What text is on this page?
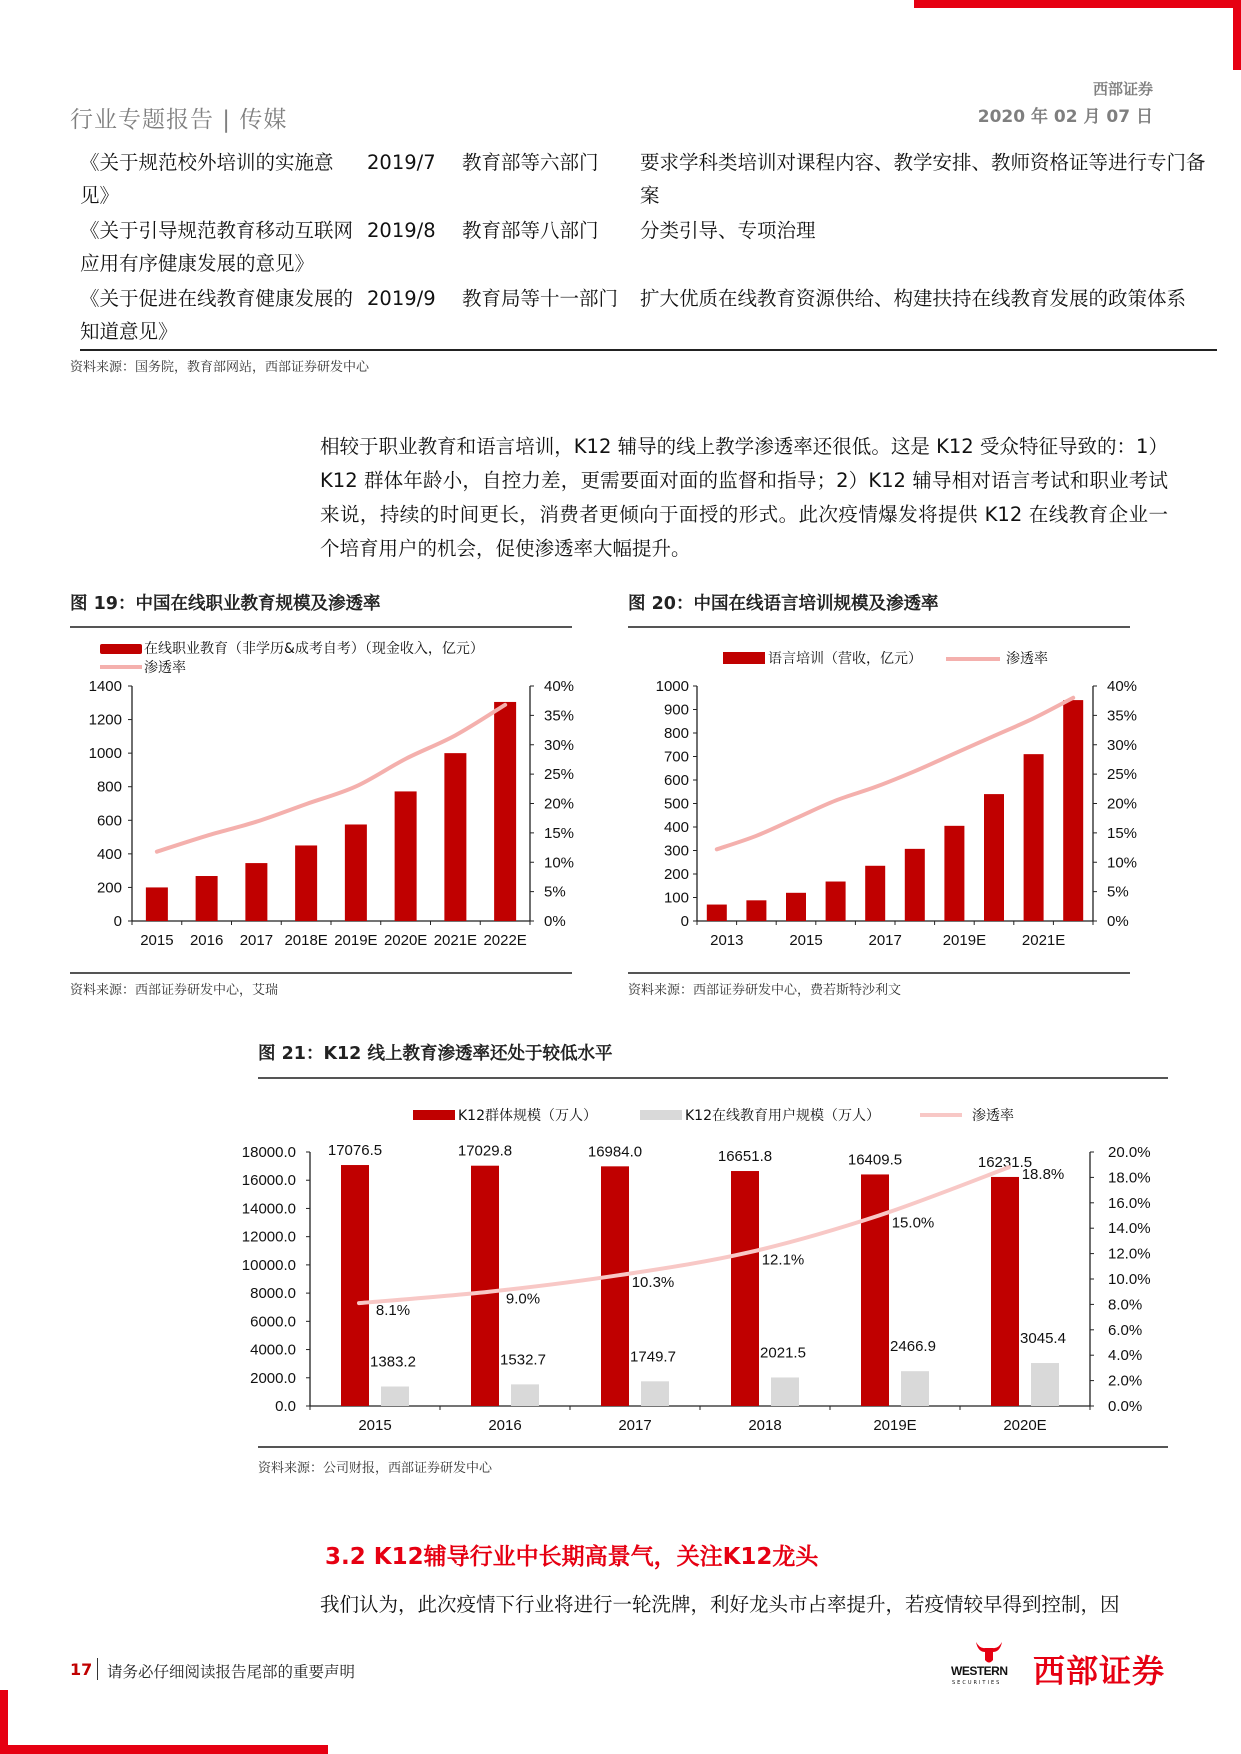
行业专题报告 | 传媒
西部证券
2020 年 02 月 07 日
《关于规范校外培训的实施意见》
2019/7 教育部等六部门 要求学科类培训对课程内容、教学安排、教师资格证等进行专门备案
《关于引导规范教育移动互联网应用有序健康发展的意见》
2019/8 教育部等八部门 分类引导、专项治理
《关于促进在线教育健康发展的知道意见》
2019/9 教育局等十一部门 扩大优质在线教育资源供给、构建扶持在线教育发展的政策体系
资料来源：国务院，教育部网站，西部证券研发中心
相较于职业教育和语言培训，K12 辅导的线上教学渗透率还很低。这是 K12 受众特征导致的：1）K12 群体年龄小，自控力差，更需要面对面的监督和指导；2）K12 辅导相对语言考试和职业考试来说，持续的时间更长，消费者更倾向于面授的形式。此次疫情爆发将提供 K12 在线教育企业一个培育用户的机会，促使渗透率大幅提升。
图 19：中国在线职业教育规模及渗透率
0
200
400
600
800
1000
1200
1400
0%
5%
10%
15%
20%
25%
30%
35%
40%
2015 2016 2017 2018E 2019E 2020E 2021E 2022E
在线职业教育（非学历&成考自考）（现金收入，亿元）
渗透率
0
100
200
300
400
500
600
700
800
900
1000
0%
5%
10%
15%
20%
25%
30%
35%
40%
2013	2015	2017	2019E 2021E
语言培训（营收，亿元）	渗透率
0.0
2000.0
4000.0
6000.0
8000.0
10000.0
12000.0
14000.0
16000.0
18000.0
0.0%
2.0%
4.0%
6.0%
8.0%
10.0%
12.0%
14.0%
16.0%
18.0%
20.0%
2015	2016	2017	2018	2019E	2020E
17076.5	17029.8	16984.0	16651.8	16409.5	16231.5
1383.2	1532.7	1749.7	2021.5	2466.9	3045.4
8.1%
9.0%
10.3%
12.1%
15.0%
18.8%
K12群体规模（万人）	K12在线教育用户规模（万人）	渗透率
资料来源：西部证券研发中心，艾瑞
图 20：中国在线语言培训规模及渗透率
资料来源：西部证券研发中心，费若斯特沙利文
图 21：K12 线上教育渗透率还处于较低水平
资料来源：公司财报，西部证券研发中心
3.2 K12辅导行业中长期高景气，关注K12龙头
我们认为，此次疫情下行业将进行一轮洗牌，利好龙头市占率提升，若疫情较早得到控制，因
17 请务必仔细阅读报告尾部的重要声明	WESTERN
SECURITIES 西部证券
